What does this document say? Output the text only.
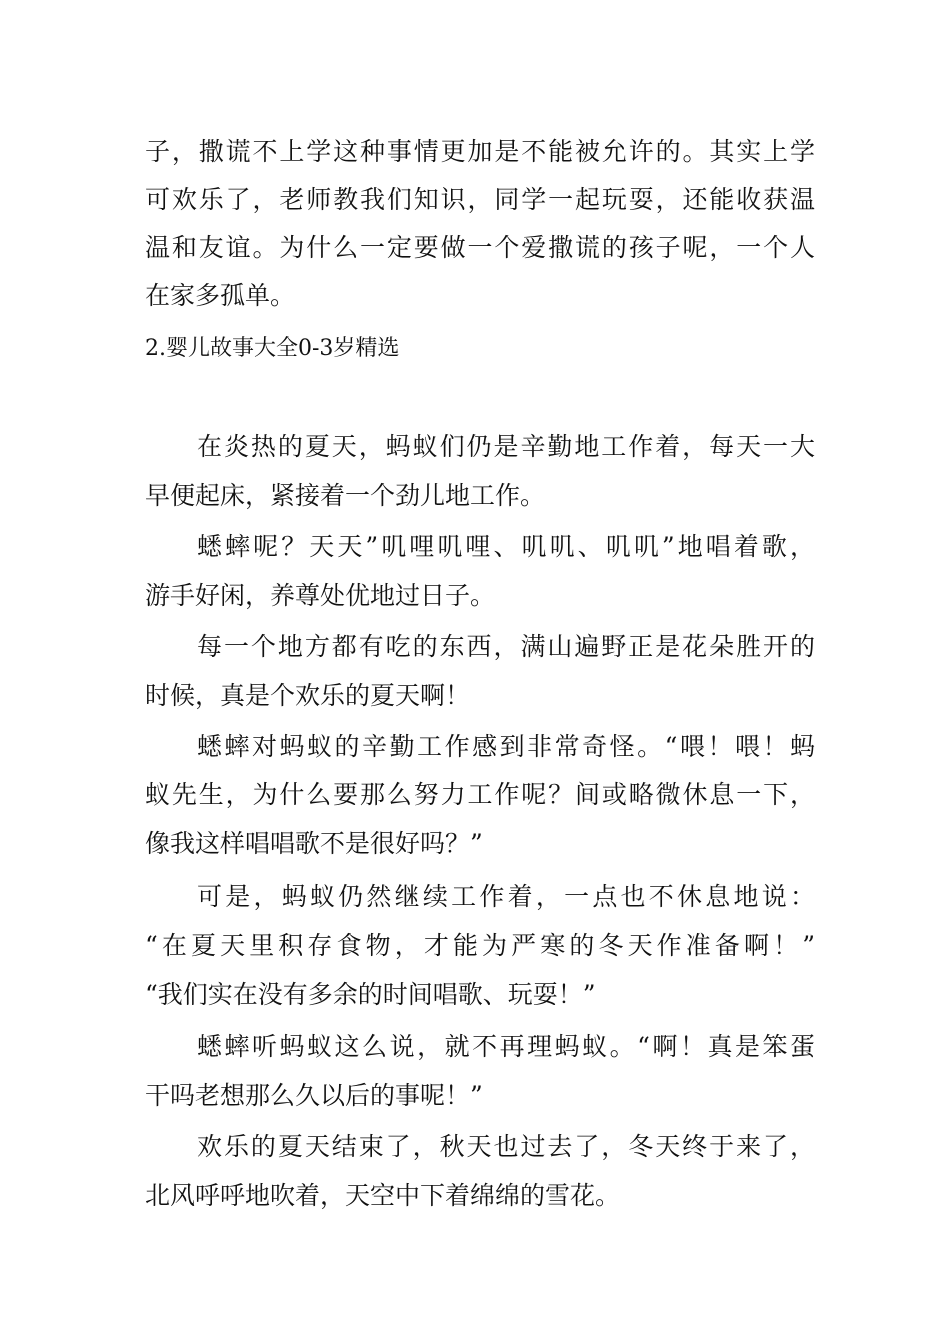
子，撒谎不上学这种事情更加是不能被允许的。其实上学

可欢乐了，老师教我们知识，同学一起玩耍，还能收获温

温和友谊。为什么一定要做一个爱撒谎的孩子呢，一个人

在家多孤单。

2.婴儿故事大全0-3岁精选

在炎热的夏天，蚂蚁们仍是辛勤地工作着，每天一大

早便起床，紧接着一个劲儿地工作。

蟋蟀呢？天天”叽哩叽哩、叽叽、叽叽”地唱着歌，

游手好闲，养尊处优地过日子。

每一个地方都有吃的东西，满山遍野正是花朵胜开的

时候，真是个欢乐的夏天啊！

蟋蟀对蚂蚁的辛勤工作感到非常奇怪。“喂！喂！蚂

蚁先生，为什么要那么努力工作呢？间或略微休息一下，

像我这样唱唱歌不是很好吗？”

可是，蚂蚁仍然继续工作着，一点也不休息地说：

“在夏天里积存食物，才能为严寒的冬天作准备啊！”

“我们实在没有多余的时间唱歌、玩耍！”

蟋蟀听蚂蚁这么说，就不再理蚂蚁。“啊！真是笨蛋

干吗老想那么久以后的事呢！”

欢乐的夏天结束了，秋天也过去了，冬天终于来了，

北风呼呼地吹着，天空中下着绵绵的雪花。
